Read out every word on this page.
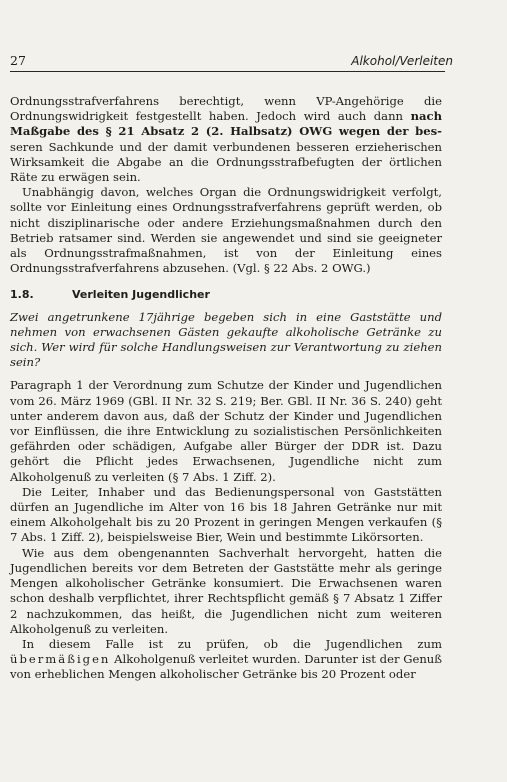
27	Alkohol/Verleiten

Ordnungsstrafverfahrens berechtigt, wenn VP-Angehörige die Ordnungswidrigkeit festgestellt haben. Jedoch wird auch dann nach Maßgabe des § 21 Absatz 2 (2. Halbsatz) OWG wegen der bes- seren Sachkunde und der damit verbundenen besseren erzieherischen Wirksamkeit die Abgabe an die Ordnungsstrafbefugten der örtlichen Räte zu erwägen sein.

Unabhängig davon, welches Organ die Ordnungswidrigkeit verfolgt, sollte vor Einleitung eines Ordnungsstrafverfahrens geprüft werden, ob nicht disziplinarische oder andere Erziehungsmaßnahmen durch den Betrieb ratsamer sind. Werden sie angewendet und sind sie geeigneter als Ordnungsstrafmaßnahmen, ist von der Einleitung eines Ordnungsstrafverfahrens abzusehen. (Vgl. § 22 Abs. 2 OWG.)

1.8.	Verleiten Jugendlicher

Zwei angetrunkene 17jährige begeben sich in eine Gaststätte und nehmen von erwachsenen Gästen gekaufte alkoholische Getränke zu sich. Wer wird für solche Handlungsweisen zur Verantwortung zu ziehen sein?

Paragraph 1 der Verordnung zum Schutze der Kinder und Jugendlichen vom 26. März 1969 (GBl. II Nr. 32 S. 219; Ber. GBl. II Nr. 36 S. 240) geht unter anderem davon aus, daß der Schutz der Kinder und Jugendlichen vor Einflüssen, die ihre Entwicklung zu sozialistischen Persönlichkeiten gefährden oder schädigen, Aufgabe aller Bürger der DDR ist. Dazu gehört die Pflicht jedes Erwachsenen, Jugendliche nicht zum Alkoholgenuß zu verleiten (§ 7 Abs. 1 Ziff. 2).

Die Leiter, Inhaber und das Bedienungspersonal von Gaststätten dürfen an Jugendliche im Alter von 16 bis 18 Jahren Getränke nur mit einem Alkoholgehalt bis zu 20 Prozent in geringen Mengen verkaufen (§ 7 Abs. 1 Ziff. 2), beispielsweise Bier, Wein und bestimmte Likörsorten.

Wie aus dem obengenannten Sachverhalt hervorgeht, hatten die Jugendlichen bereits vor dem Betreten der Gaststätte mehr als geringe Mengen alkoholischer Getränke konsumiert. Die Erwachsenen waren schon deshalb verpflichtet, ihrer Rechtspflicht gemäß § 7 Absatz 1 Ziffer 2 nachzukommen, das heißt, die Jugendlichen nicht zum weiteren Alkoholgenuß zu verleiten.

In diesem Falle ist zu prüfen, ob die Jugendlichen zum übermäßigen Alkoholgenuß verleitet wurden. Darunter ist der Genuß von erheblichen Mengen alkoholischer Getränke bis 20 Prozent oder
